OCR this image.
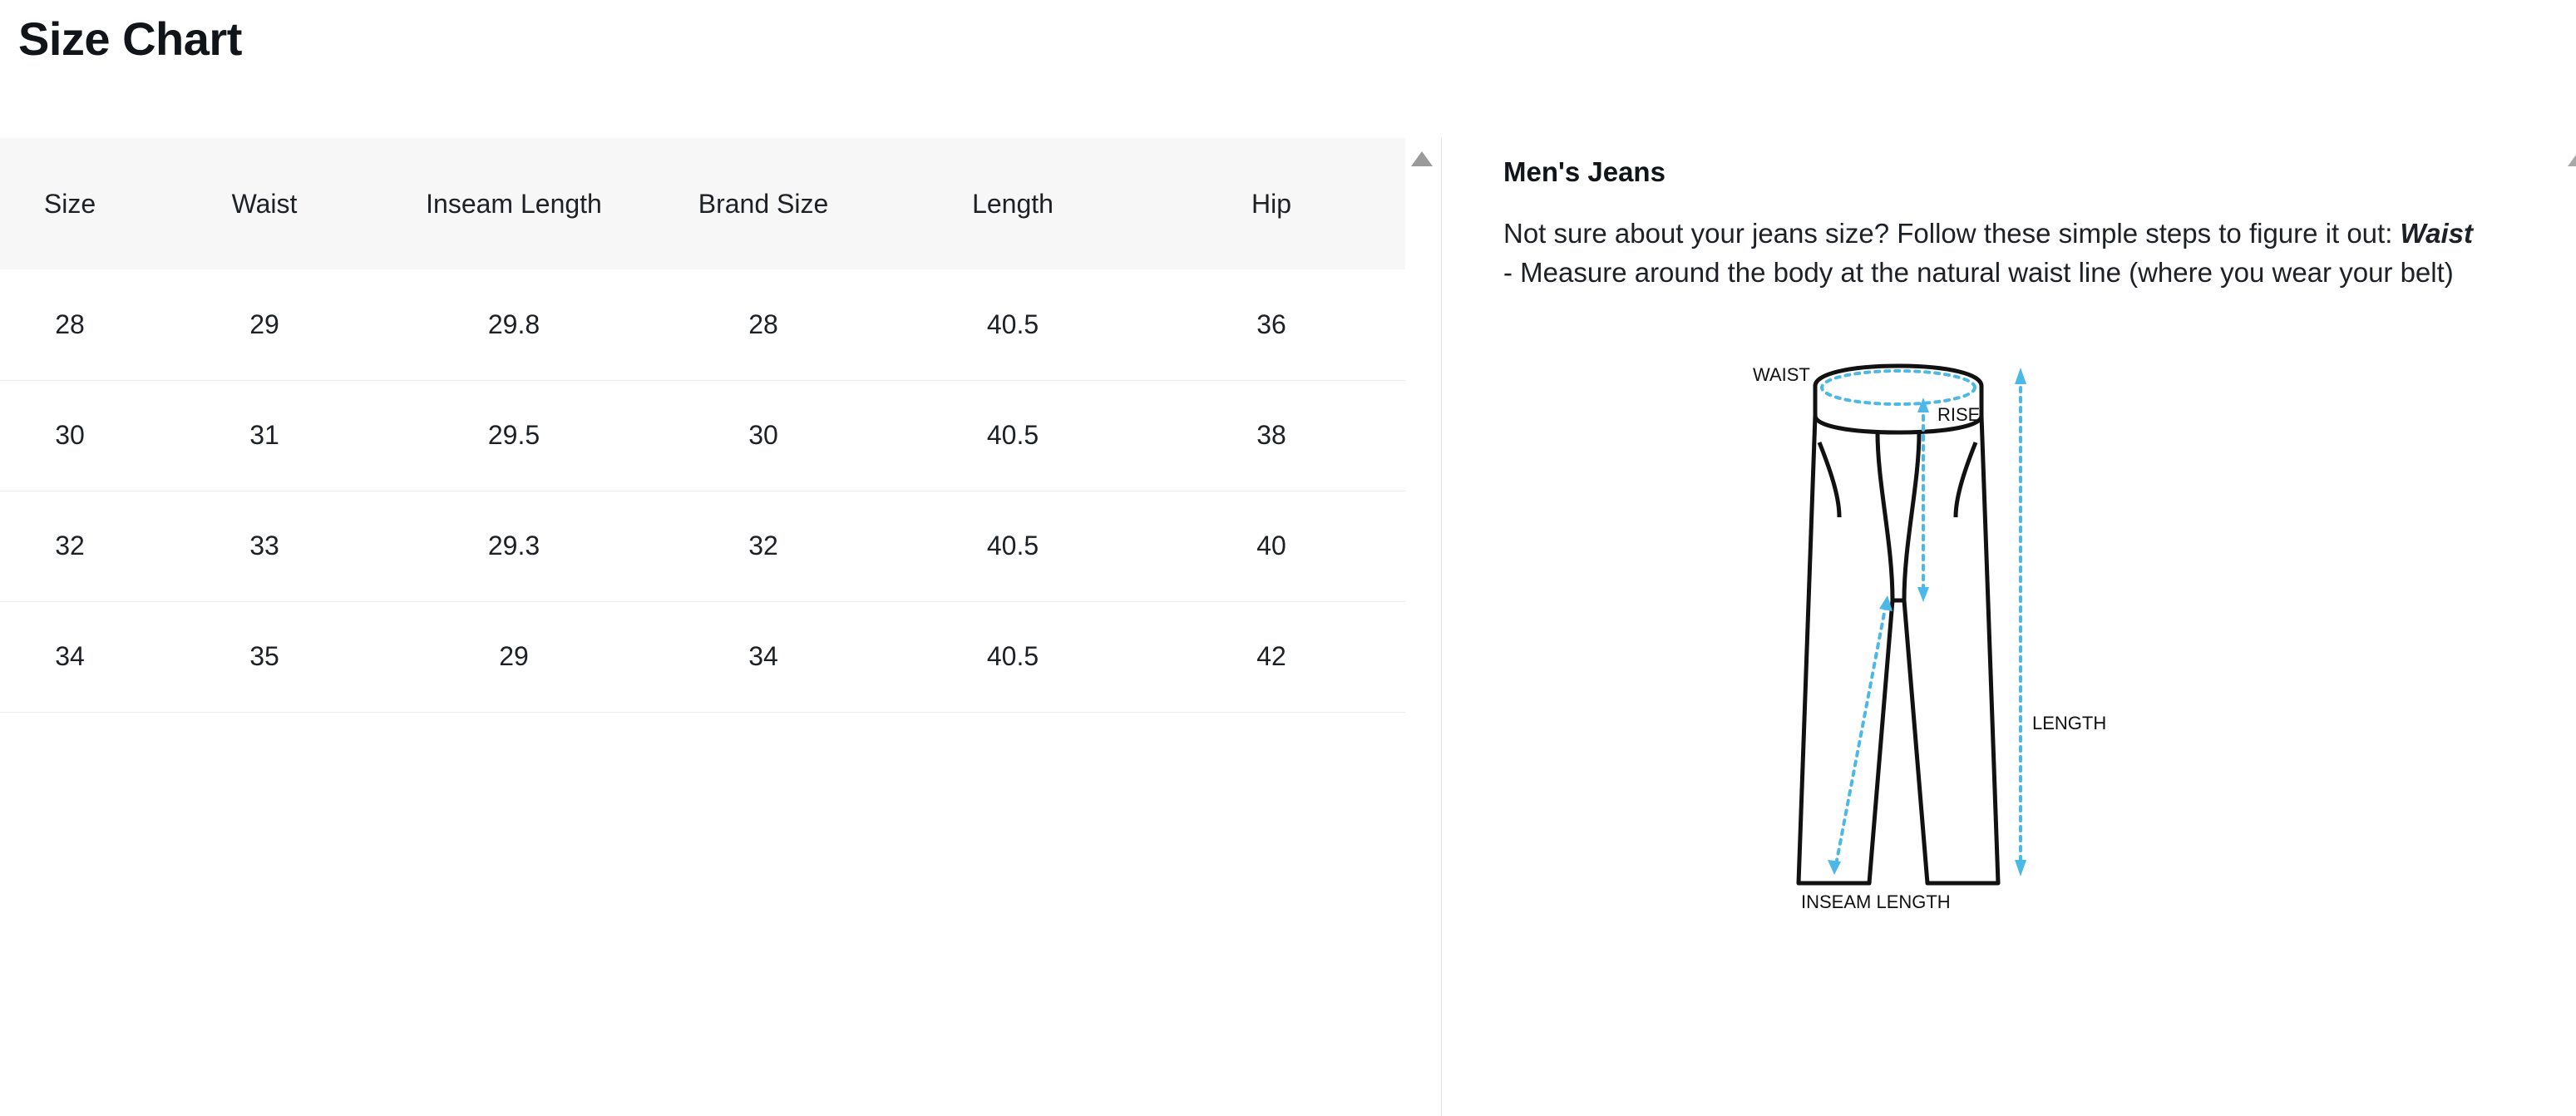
Size Chart
Size	Waist	Inseam Length	Brand Size	Length	Hip
28	29	29.8	28	40.5	36
30	31	29.5	30	40.5	38
32	33	29.3	32	40.5	40
34	35	29	34	40.5	42
Men's Jeans

Not sure about your jeans size? Follow these simple steps to figure it out: Waist - Measure around the body at the natural waist line (where you wear your belt)

WAIST
RISE
LENGTH
INSEAM LENGTH
